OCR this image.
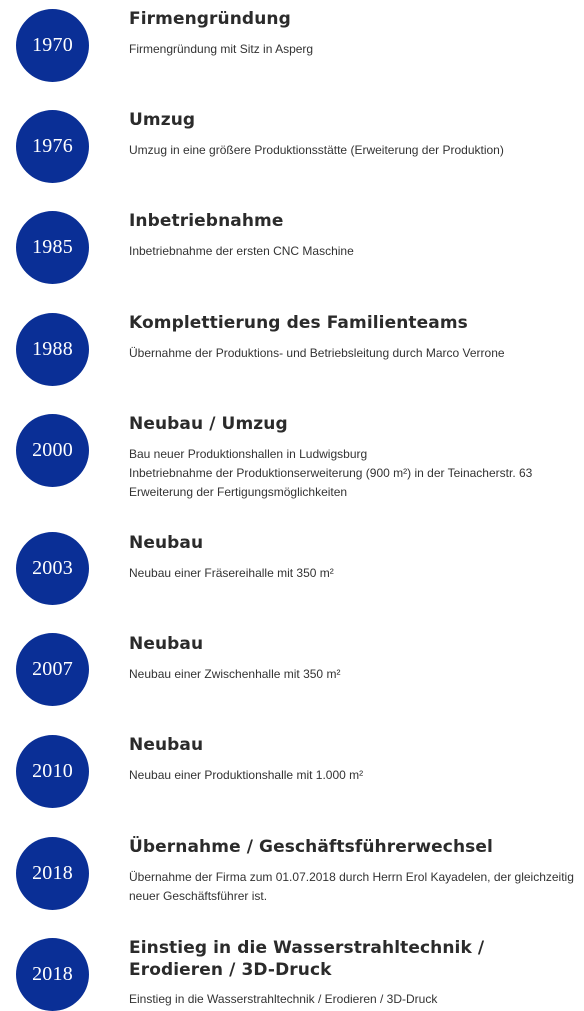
1970
Firmengründung
Firmengründung mit Sitz in Asperg
1976
Umzug
Umzug in eine größere Produktionsstätte (Erweiterung der Produktion)
1985
Inbetriebnahme
Inbetriebnahme der ersten CNC Maschine
1988
Komplettierung des Familienteams
Übernahme der Produktions- und Betriebsleitung durch Marco Verrone
2000
Neubau / Umzug
Bau neuer Produktionshallen in Ludwigsburg
Inbetriebnahme der Produktionserweiterung (900 m²) in der Teinacherstr. 63
Erweiterung der Fertigungsmöglichkeiten
2003
Neubau
Neubau einer Fräsereihalle mit 350 m²
2007
Neubau
Neubau einer Zwischenhalle mit 350 m²
2010
Neubau
Neubau einer Produktionshalle mit 1.000 m²
2018
Übernahme / Geschäftsführerwechsel
Übernahme der Firma zum 01.07.2018 durch Herrn Erol Kayadelen, der gleichzeitig
neuer Geschäftsführer ist.
2018
Einstieg in die Wasserstrahltechnik / Erodieren / 3D-Druck
Einstieg in die Wasserstrahltechnik / Erodieren / 3D-Druck
